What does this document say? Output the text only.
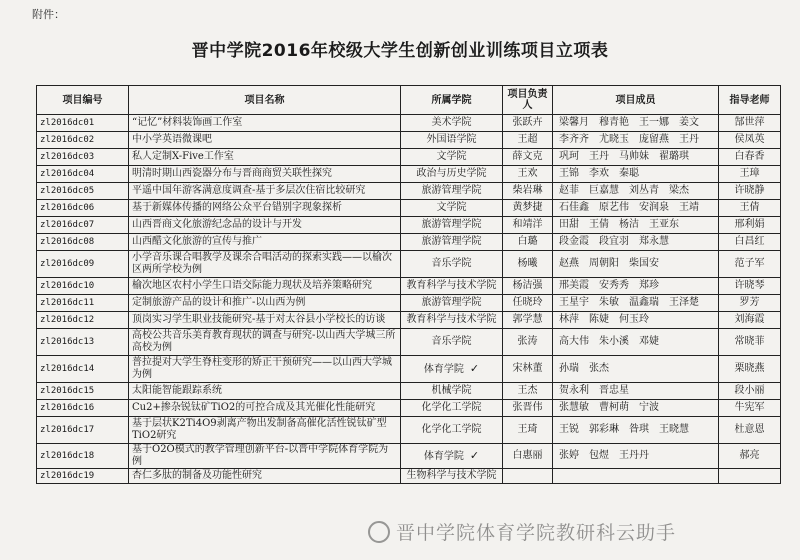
附件：
晋中学院2016年校级大学生创新创业训练项目立项表
项目编号	项目名称	所属学院	项目负责人	项目成员	指导老师
zl2016dc01	“记忆”材料装饰画工作室	美术学院	张跃卉	梁馨月　穆青艳　王一娜　姜文	郜世萍
zl2016dc02	中小学英语微课吧	外国语学院	王超	李齐齐　尤晓玉　庞留燕　王丹	侯凤英
zl2016dc03	私人定制X-Five工作室	文学院	薛文克	巩珂　王丹　马帅妹　翟璐琪	白春香
zl2016dc04	明清时期山西瓷器分布与晋商商贸关联性探究	政治与历史学院	王欢	王锦　李欢　秦聪	王璋
zl2016dc05	平遥中国年游客满意度调查-基于多层次住宿比较研究	旅游管理学院	柴岩琳	赵菲　巨嘉慧　刘丛青　梁杰	许晓静
zl2016dc06	基于新媒体传播的网络公众平台错别字现象探析	文学院	黄梦捷	石佳鑫　原艺伟　安润泉　王靖	王倩
zl2016dc07	山西晋商文化旅游纪念品的设计与开发	旅游管理学院	和靖洋	田甜　王倩　杨洁　王亚东	邢利娟
zl2016dc08	山西醋文化旅游的宣传与推广	旅游管理学院	白璐	段金霞　段宜羽　郑永慧	白昌红
zl2016dc09	小学音乐课合唱教学及课余合唱活动的探索实践——以榆次区两所学校为例	音乐学院	杨曦	赵燕　周朝阳　柴国安	范子军
zl2016dc10	榆次地区农村小学生口语交际能力现状及培养策略研究	教育科学与技术学院	杨洁强	邢美霞　安秀秀　郑珍	许晓琴
zl2016dc11	定制旅游产品的设计和推广-以山西为例	旅游管理学院	任晓玲	王星宇　朱敏　温鑫瑞　王泽楚	罗芳
zl2016dc12	顶岗实习学生职业技能研究-基于对太谷县小学校长的访谈	教育科学与技术学院	郭学慧	林萍　陈婕　何玉玲	刘海霞
zl2016dc13	高校公共音乐美育教育现状的调查与研究-以山西大学城三所高校为例	音乐学院	张涛	高大伟　朱小溪　邓婕	常晓菲
zl2016dc14	普拉提对大学生脊柱变形的矫正干预研究——以山西大学城为例	体育学院 ✓	宋林董	孙瑞　张杰	栗晓燕
zl2016dc15	太阳能智能跟踪系统	机械学院	王杰	贺永利　晋忠星	段小丽
zl2016dc16	Cu2+掺杂锐钛矿TiO2的可控合成及其光催化性能研究	化学化工学院	张晋伟	张慧敏　曹柯萌　宁波	牛宪军
zl2016dc17	基于层状K2Ti4O9剥离产物出发制备高催化活性锐钛矿型TiO2研究	化学化工学院	王琦	王锐　郭彩琳　昝琪　王晓慧	杜意恩
zl2016dc18	基于O2O模式的教学管理创新平台-以晋中学院体育学院为例	体育学院 ✓	白惠丽	张婷　包煜　王丹丹	郝亮
zl2016dc19	杏仁多肽的制备及功能性研究	生物科学与技术学院			
晋中学院体育学院教研科云助手
